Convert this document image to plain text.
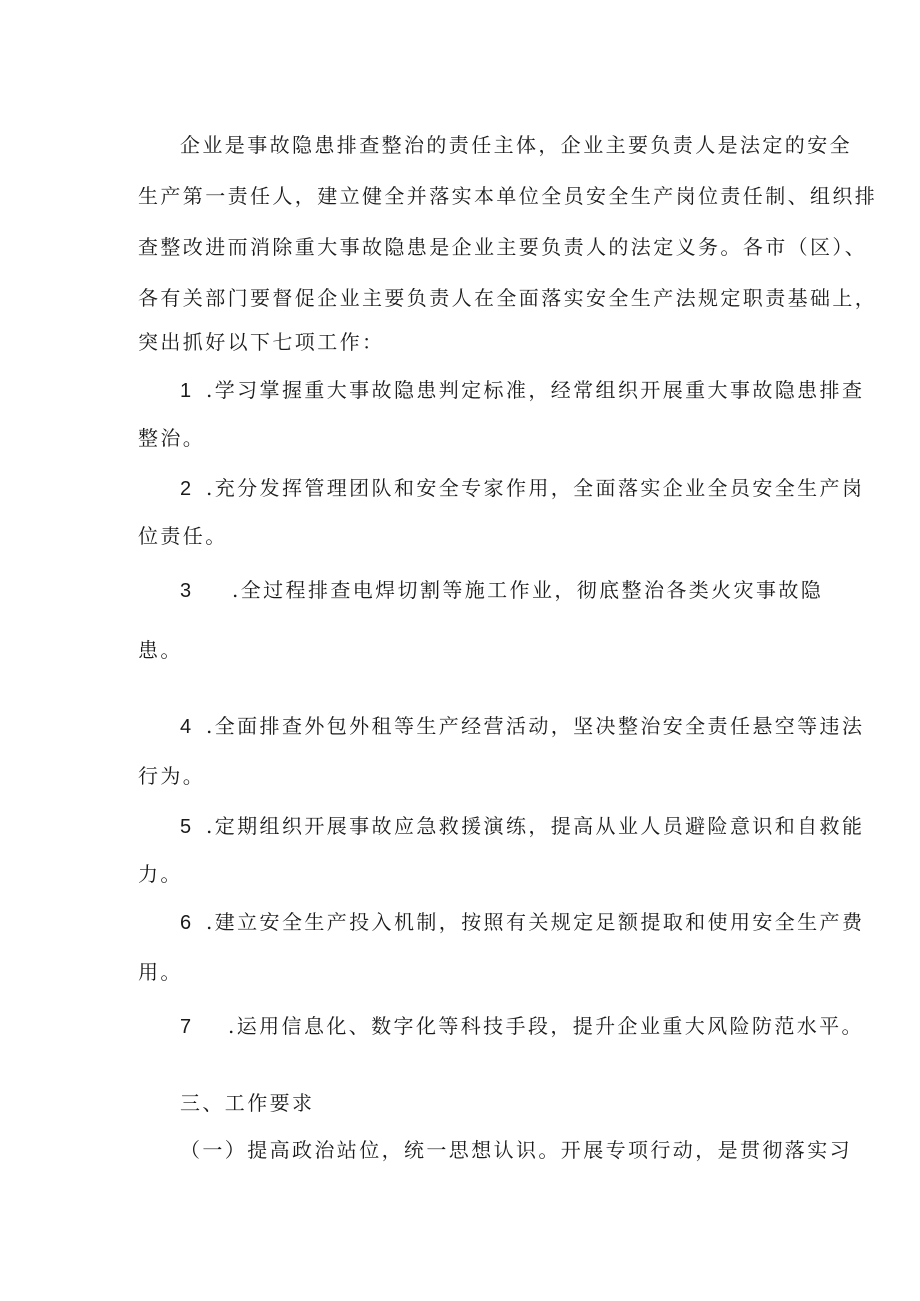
企业是事故隐患排查整治的责任主体，企业主要负责人是法定的安全
生产第一责任人，建立健全并落实本单位全员安全生产岗位责任制、组织排
查整改进而消除重大事故隐患是企业主要负责人的法定义务。各市（区）、
各有关部门要督促企业主要负责人在全面落实安全生产法规定职责基础上，
突出抓好以下七项工作：
1 .学习掌握重大事故隐患判定标准，经常组织开展重大事故隐患排查
整治。
2 .充分发挥管理团队和安全专家作用，全面落实企业全员安全生产岗
位责任。
3 .全过程排查电焊切割等施工作业，彻底整治各类火灾事故隐
患。
4 .全面排查外包外租等生产经营活动，坚决整治安全责任悬空等违法
行为。
5 .定期组织开展事故应急救援演练，提高从业人员避险意识和自救能
力。
6 .建立安全生产投入机制，按照有关规定足额提取和使用安全生产费
用。
7 .运用信息化、数字化等科技手段，提升企业重大风险防范水平。
三、工作要求
（一）提高政治站位，统一思想认识。开展专项行动，是贯彻落实习
